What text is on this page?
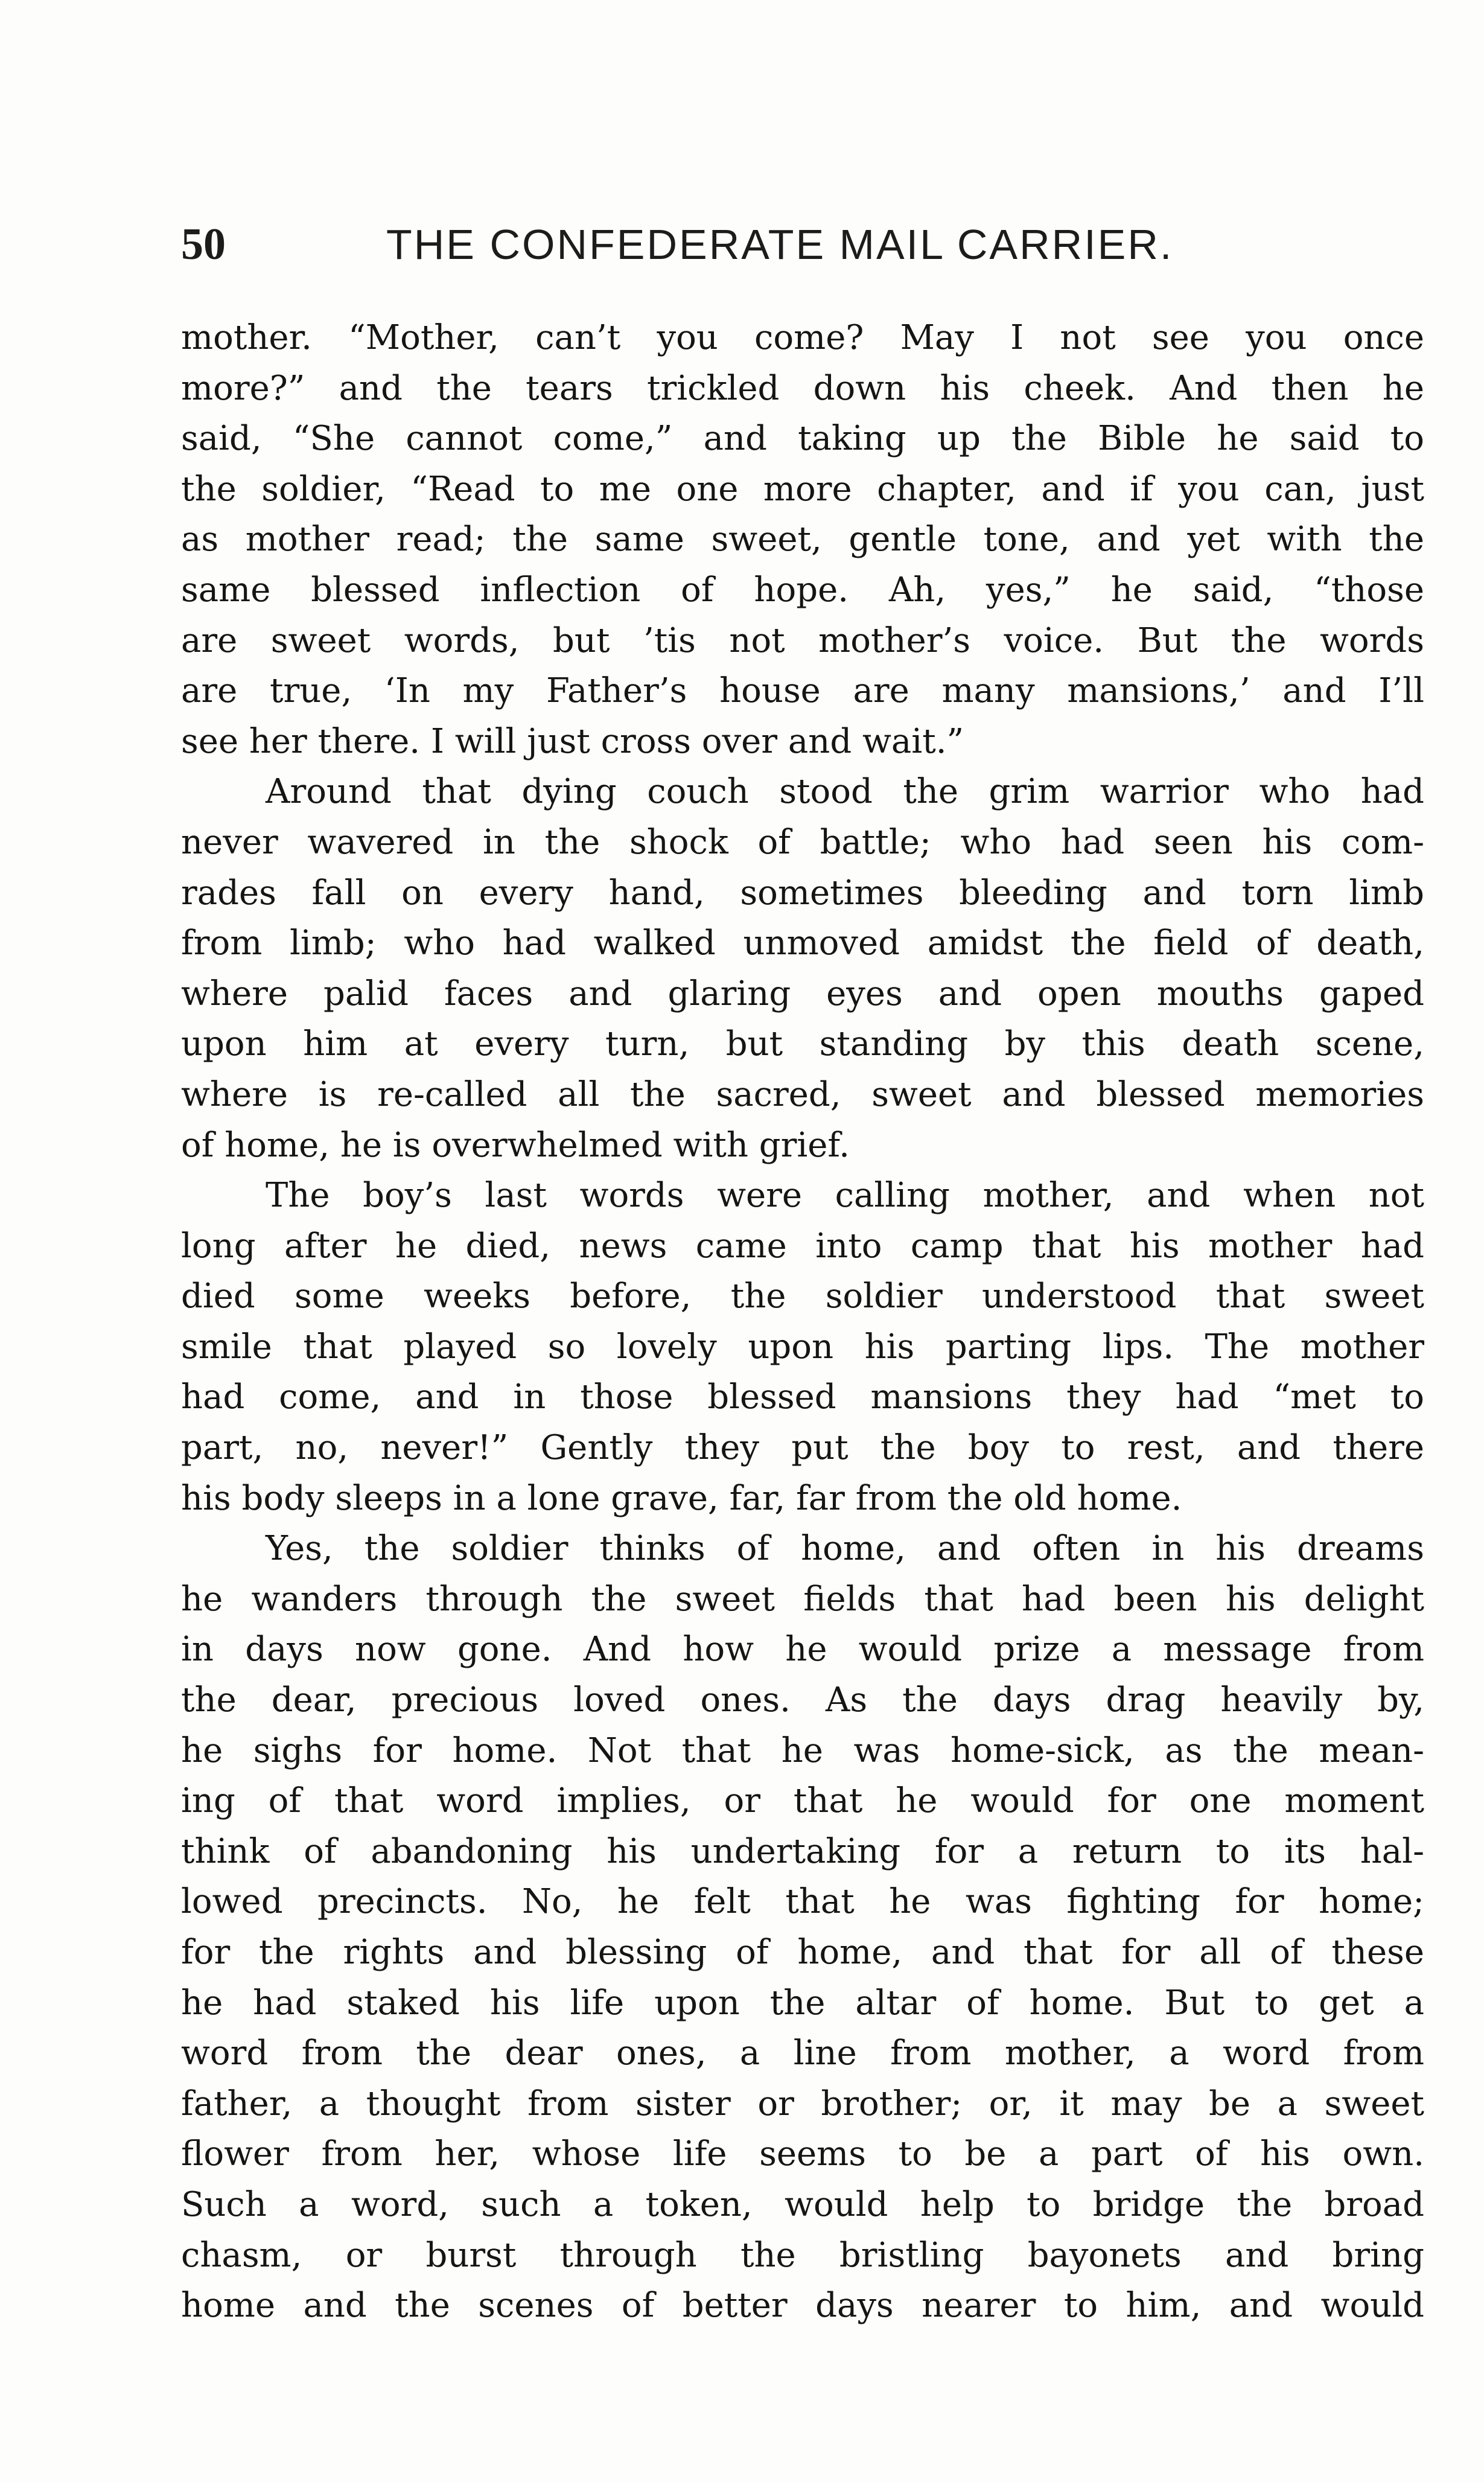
50	THE CONFEDERATE MAIL CARRIER.
mother. “Mother, can’t you come? May I not see you once
more?” and the tears trickled down his cheek. And then he
said, “She cannot come,” and taking up the Bible he said to
the soldier, “Read to me one more chapter, and if you can, just
as mother read; the same sweet, gentle tone, and yet with the
same blessed inflection of hope. Ah, yes,” he said, “those
are sweet words, but ’tis not mother’s voice. But the words
are true, ‘In my Father’s house are many mansions,’ and I’ll
see her there. I will just cross over and wait.”
Around that dying couch stood the grim warrior who had
never wavered in the shock of battle; who had seen his com-
rades fall on every hand, sometimes bleeding and torn limb
from limb; who had walked unmoved amidst the field of death,
where palid faces and glaring eyes and open mouths gaped
upon him at every turn, but standing by this death scene,
where is re-called all the sacred, sweet and blessed memories
of home, he is overwhelmed with grief.
The boy’s last words were calling mother, and when not
long after he died, news came into camp that his mother had
died some weeks before, the soldier understood that sweet
smile that played so lovely upon his parting lips. The mother
had come, and in those blessed mansions they had “met to
part, no, never!” Gently they put the boy to rest, and there
his body sleeps in a lone grave, far, far from the old home.
Yes, the soldier thinks of home, and often in his dreams
he wanders through the sweet fields that had been his delight
in days now gone. And how he would prize a message from
the dear, precious loved ones. As the days drag heavily by,
he sighs for home. Not that he was home-sick, as the mean-
ing of that word implies, or that he would for one moment
think of abandoning his undertaking for a return to its hal-
lowed precincts. No, he felt that he was fighting for home;
for the rights and blessing of home, and that for all of these
he had staked his life upon the altar of home. But to get a
word from the dear ones, a line from mother, a word from
father, a thought from sister or brother; or, it may be a sweet
flower from her, whose life seems to be a part of his own.
Such a word, such a token, would help to bridge the broad
chasm, or burst through the bristling bayonets and bring
home and the scenes of better days nearer to him, and would
